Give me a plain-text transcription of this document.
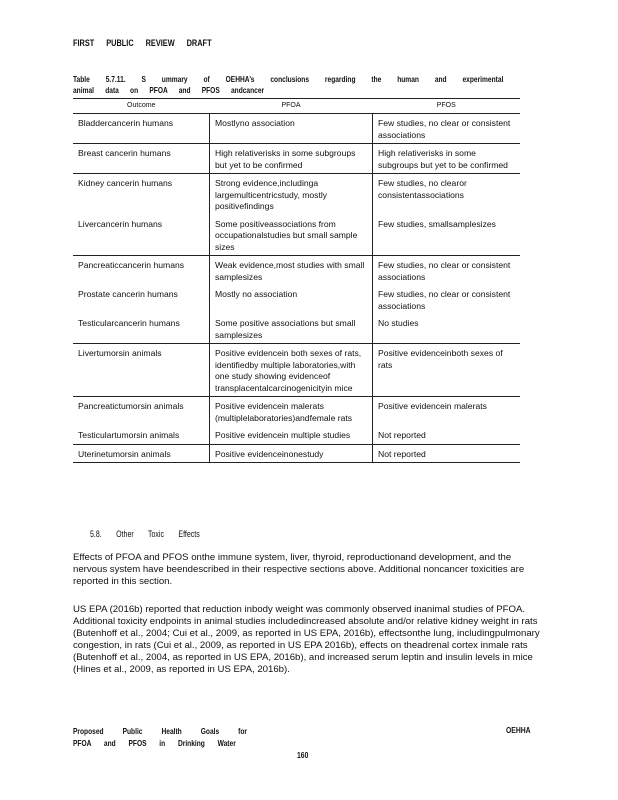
FIRST PUBLIC REVIEW DRAFT
Table 5.7.11. S ummary of OEHHA’s conclusions regarding the human and experimental
animal data on PFOA and PFOS andcancer
Outcome	PFOA	PFOS
Bladdercancerin humans	Mostlyno association	Few studies, no clear or consistent associations
Breast cancerin humans	High relativerisks in some subgroups but yet to be confirmed	High relativerisks in some subgroups but yet to be confirmed
Kidney cancerin humans	Strong evidence,includinga largemulticentricstudy, mostly positivefindings	Few studies, no clearor consistentassociations
Livercancerin humans	Some positiveassociations from occupationalstudies but small sample sizes	Few studies, smallsamplesizes
Pancreaticcancerin humans	Weak evidence,most studies with small samplesizes	Few studies, no clear or consistent associations
Prostate cancerin humans	Mostly no association	Few studies, no clear or consistent associations
Testicularcancerin humans	Some positive associations but small samplesizes	No studies
Livertumorsin animals	Positive evidencein both sexes of rats, identifiedby multiple laboratories,with one study showing evidenceof transplacentalcarcinogenicityin mice	Positive evidenceinboth sexes of rats
Pancreatictumorsin animals	Positive evidencein malerats (multiplelaboratories)andfemale rats	Positive evidencein malerats
Testiculartumorsin animals	Positive evidencein multiple studies	Not reported
Uterinetumorsin animals	Positive evidenceinonestudy	Not reported
5.8. Other Toxic Effects

Effects of PFOA and PFOS onthe immune system, liver, thyroid, reproductionand development, and the nervous system have beendescribed in their respective sections above. Additional noncancer toxicities are reported in this section.

US EPA (2016b) reported that reduction inbody weight was commonly observed inanimal studies of PFOA. Additional toxicity endpoints in animal studies includedincreased absolute and/or relative kidney weight in rats (Butenhoff et al., 2004; Cui et al., 2009, as reported in US EPA, 2016b), effectsonthe lung, includingpulmonary congestion, in rats (Cui et al., 2009, as reported in US EPA 2016b), effects on theadrenal cortex inmale rats (Butenhoff et al., 2004, as reported in US EPA, 2016b), and increased serum leptin and insulin levels in mice (Hines et al., 2009, as reported in US EPA, 2016b).

Proposed Public Health Goals for
PFOA and PFOS in Drinking Water
OEHHA
160
